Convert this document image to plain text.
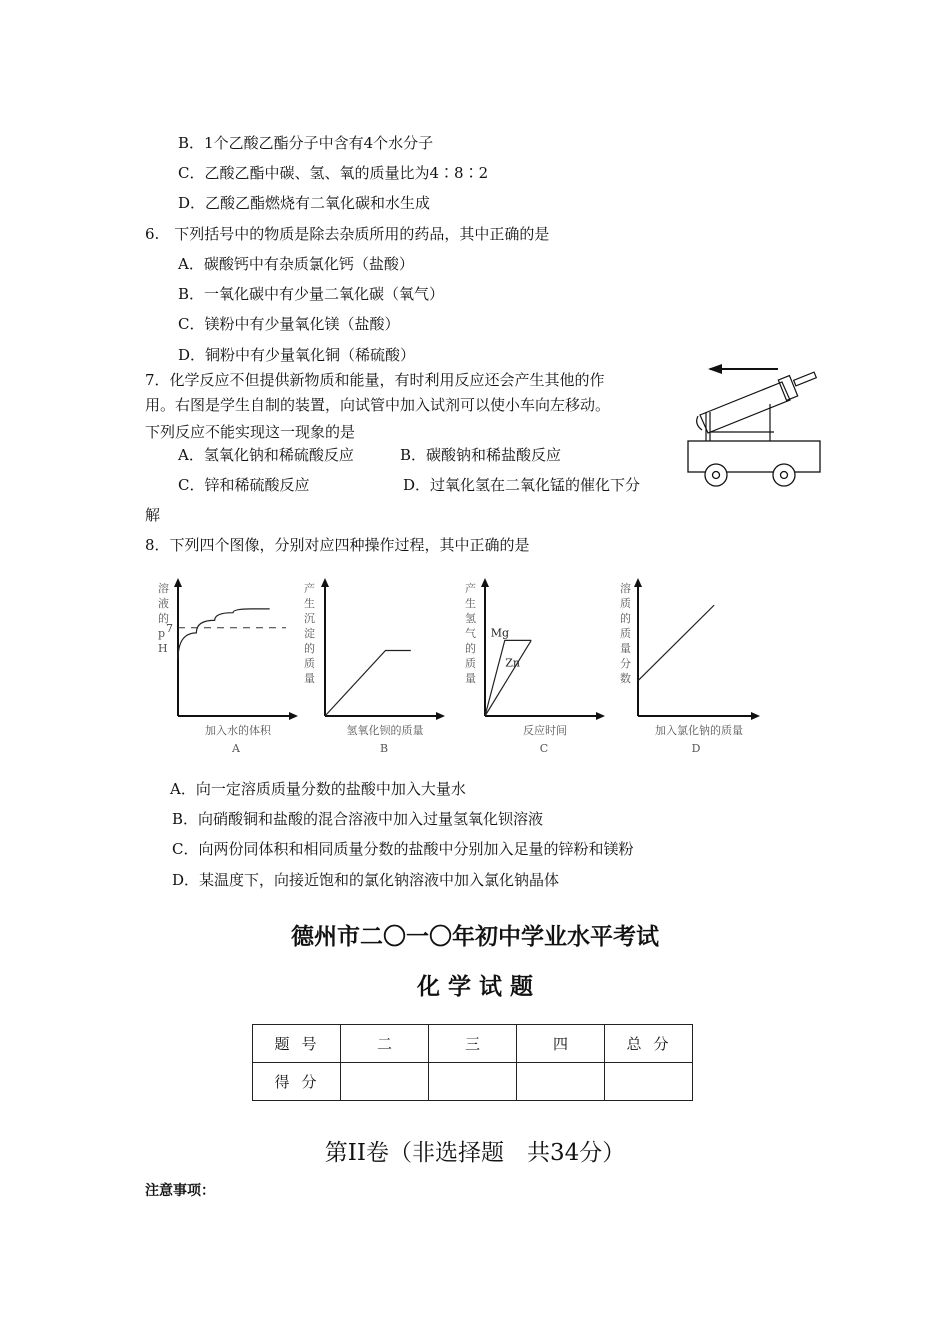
B．1个乙酸乙酯分子中含有4个水分子
C．乙酸乙酯中碳、氢、氧的质量比为4∶8∶2
D．乙酸乙酯燃烧有二氧化碳和水生成
6.　下列括号中的物质是除去杂质所用的药品，其中正确的是
A．碳酸钙中有杂质氯化钙（盐酸）
B．一氧化碳中有少量二氧化碳（氧气）
C．镁粉中有少量氧化镁（盐酸）
D．铜粉中有少量氧化铜（稀硫酸）
7．化学反应不但提供新物质和能量，有时利用反应还会产生其他的作
用。右图是学生自制的装置，向试管中加入试剂可以使小车向左移动。
下列反应不能实现这一现象的是
A．氢氧化钠和稀硫酸反应	B．碳酸钠和稀盐酸反应
C．锌和稀硫酸反应	D．过氧化氢在二氧化锰的催化下分
解
8．下列四个图像，分别对应四种操作过程，其中正确的是
溶液的 p H
加入水的体积
A
7
产生沉淀的质量
氢氧化钡的质量
B
产生氢气的质量
反应时间
C
Mg
Zn
溶质的质量分数
加入氯化钠的质量
D
A．向一定溶质质量分数的盐酸中加入大量水
B．向硝酸铜和盐酸的混合溶液中加入过量氢氧化钡溶液
C．向两份同体积和相同质量分数的盐酸中分别加入足量的锌粉和镁粉
D．某温度下，向接近饱和的氯化钠溶液中加入氯化钠晶体
德州市二〇一〇年初中学业水平考试
化 学 试 题
题号	二	三	四	总分
得分				
第II卷（非选择题　共34分）
注意事项：
